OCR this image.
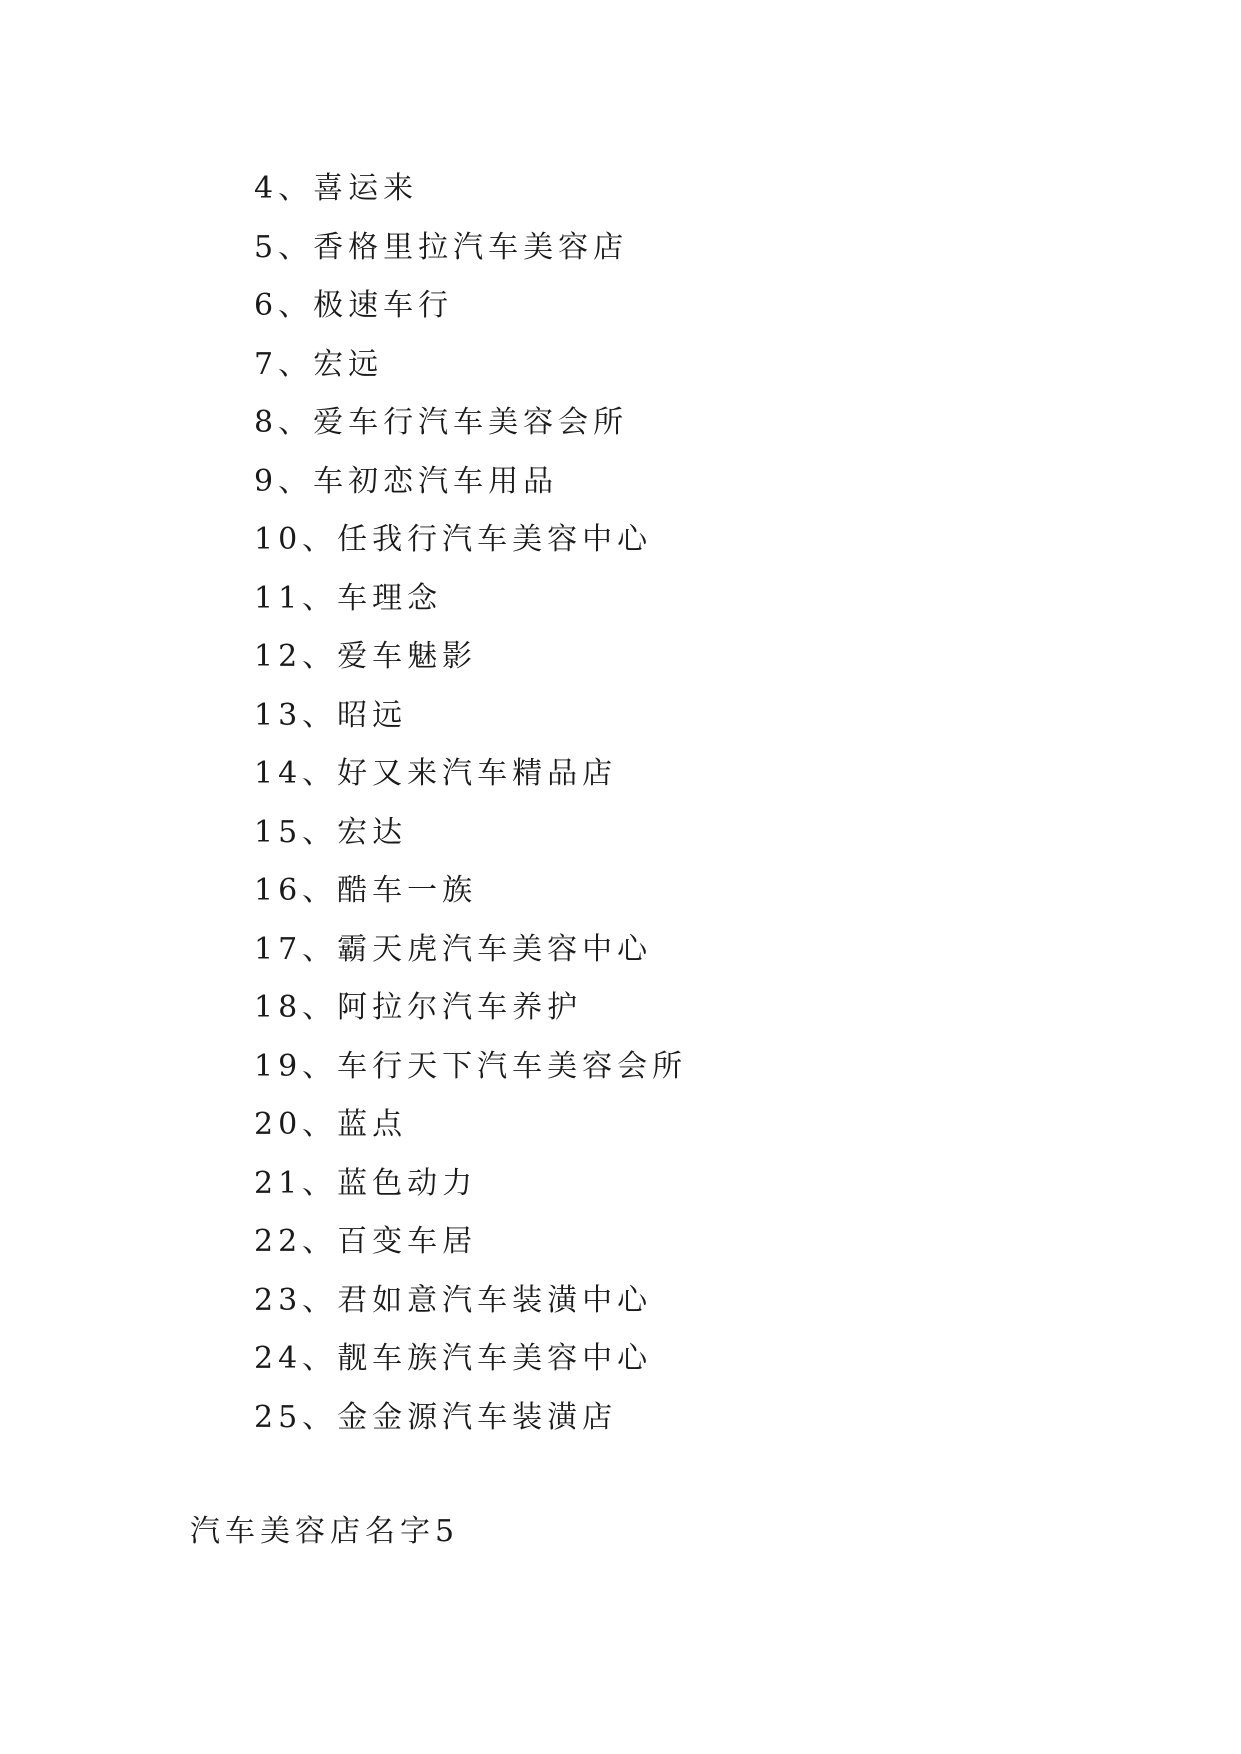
4、喜运来
5、香格里拉汽车美容店
6、极速车行
7、宏远
8、爱车行汽车美容会所
9、车初恋汽车用品
10、任我行汽车美容中心
11、车理念
12、爱车魅影
13、昭远
14、好又来汽车精品店
15、宏达
16、酷车一族
17、霸天虎汽车美容中心
18、阿拉尔汽车养护
19、车行天下汽车美容会所
20、蓝点
21、蓝色动力
22、百变车居
23、君如意汽车装潢中心
24、靓车族汽车美容中心
25、金金源汽车装潢店
汽车美容店名字5
